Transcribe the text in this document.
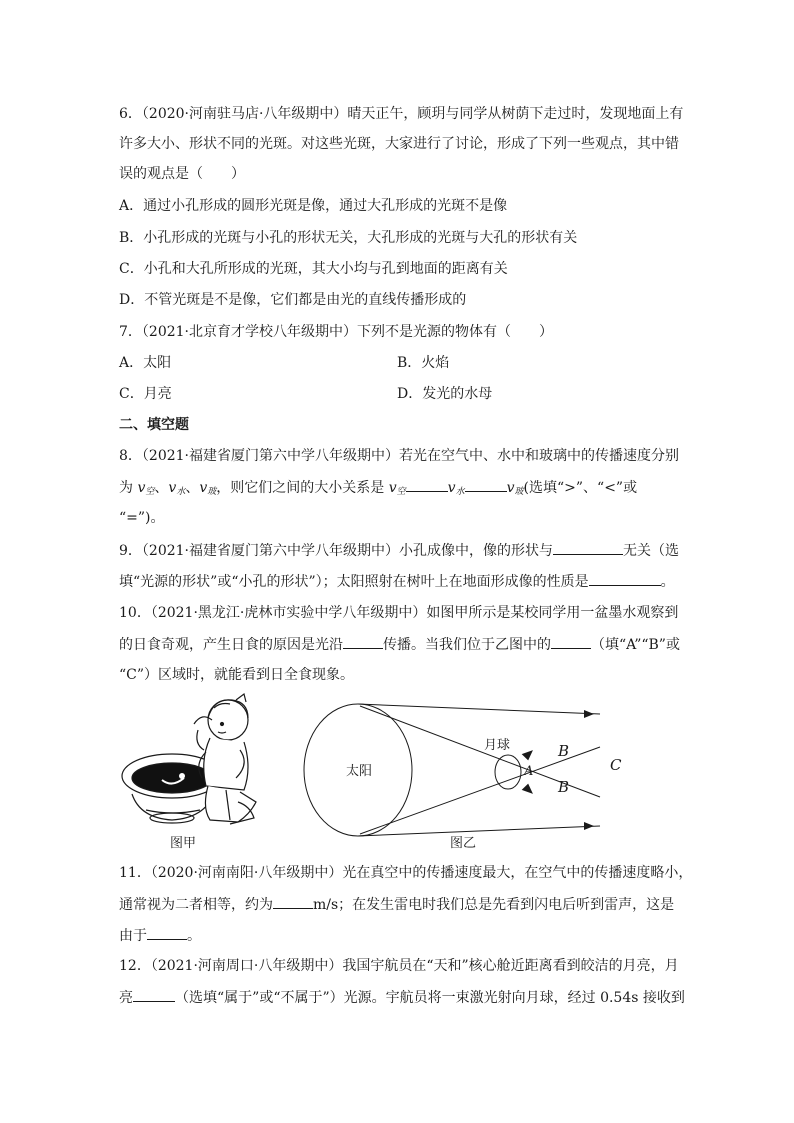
6．（2020·河南驻马店·八年级期中）晴天正午，顾玥与同学从树荫下走过时，发现地面上有
许多大小、形状不同的光斑。对这些光斑，大家进行了讨论，形成了下列一些观点，其中错
误的观点是（　　）
A．通过小孔形成的圆形光斑是像，通过大孔形成的光斑不是像
B．小孔形成的光斑与小孔的形状无关，大孔形成的光斑与大孔的形状有关
C．小孔和大孔所形成的光斑，其大小均与孔到地面的距离有关
D．不管光斑是不是像，它们都是由光的直线传播形成的
7．（2021·北京育才学校八年级期中）下列不是光源的物体有（　　）
A．太阳	B．火焰
C．月亮	D．发光的水母
二、填空题
8．（2021·福建省厦门第六中学八年级期中）若光在空气中、水中和玻璃中的传播速度分别
为 $v_空$、$v_水$、$v_玻$，则它们之间的大小关系是 $v_空$	$v_水$	$v_玻$(选填“>”、“<”或
“=”)。
9．（2021·福建省厦门第六中学八年级期中）小孔成像中，像的形状与	无关（选
填“光源的形状”或“小孔的形状”）；太阳照射在树叶上在地面形成像的性质是	。
10．（2021·黑龙江·虎林市实验中学八年级期中）如图甲所示是某校同学用一盆墨水观察到
的日食奇观，产生日食的原因是光沿	传播。当我们位于乙图中的	（填“A”“B”或
“C”）区域时，就能看到日全食现象。
太阳
月球
A
B
B
C
图甲	图乙
11．（2020·河南南阳·八年级期中）光在真空中的传播速度最大，在空气中的传播速度略小，
通常视为二者相等，约为	m/s；在发生雷电时我们总是先看到闪电后听到雷声，这是
由于	。
12．（2021·河南周口·八年级期中）我国宇航员在“天和”核心舱近距离看到皎洁的月亮，月
亮	（选填“属于”或“不属于”）光源。宇航员将一束激光射向月球，经过 0.54s 接收到
